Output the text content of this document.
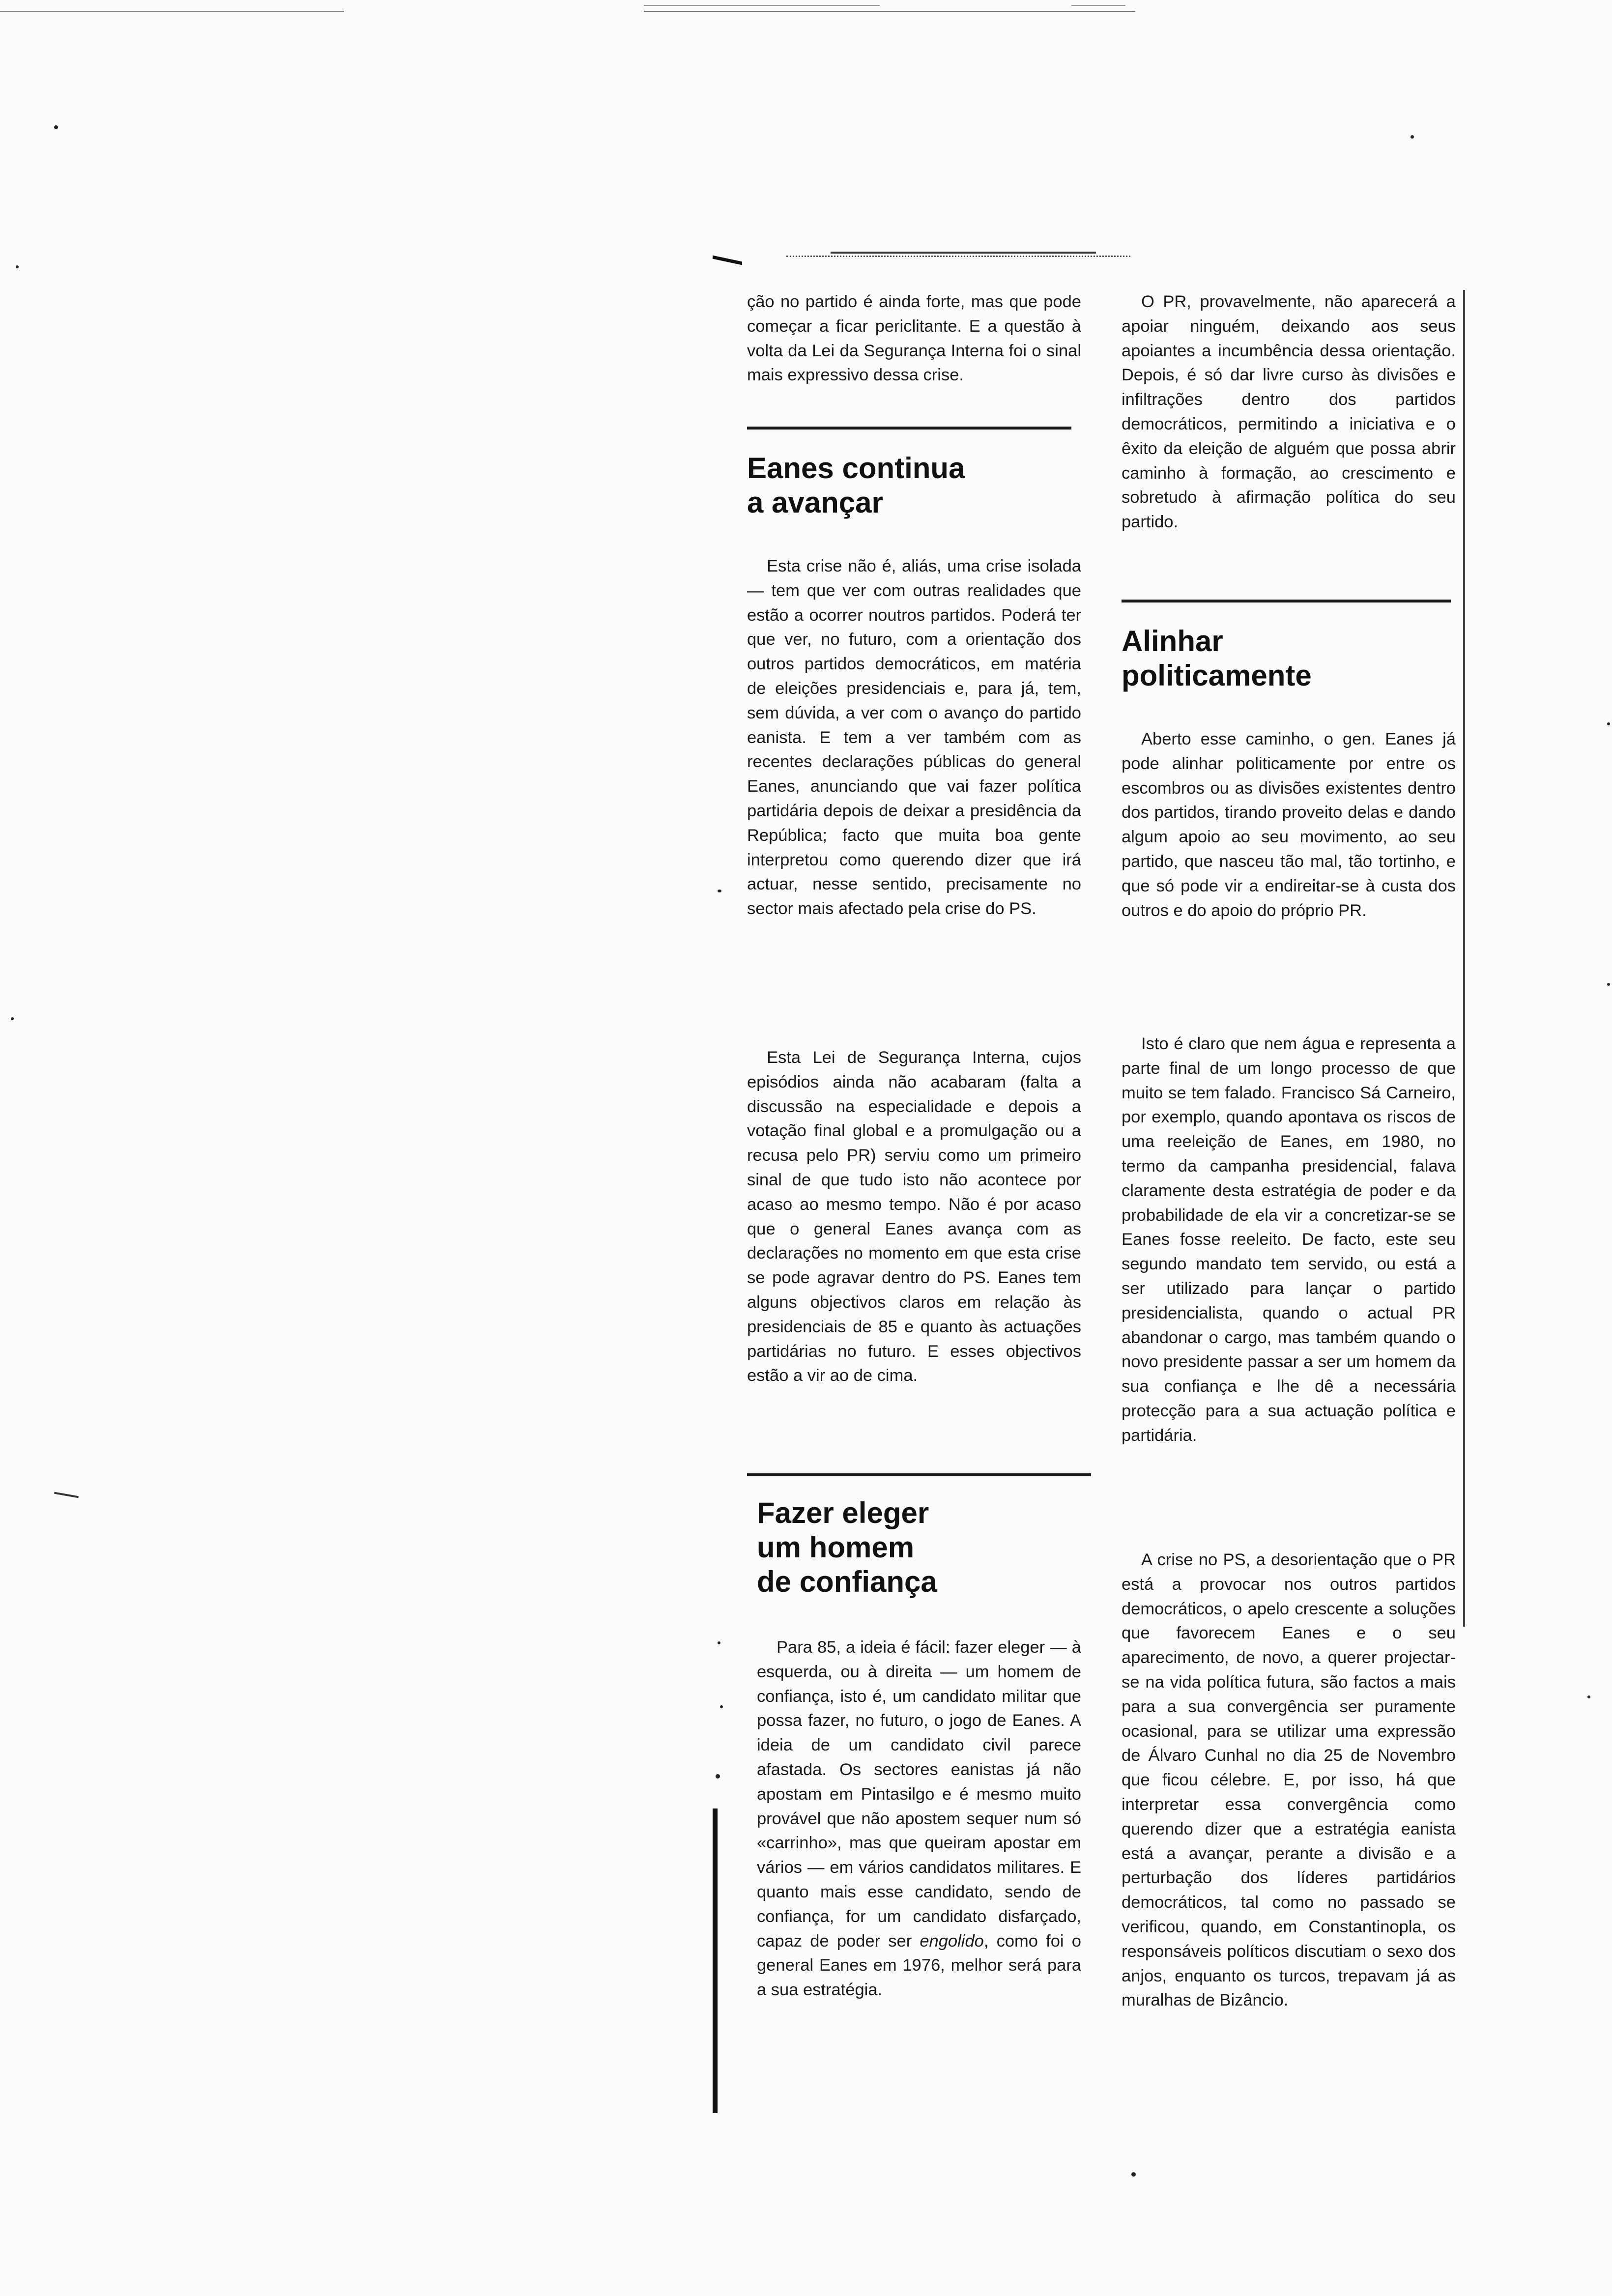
ção no partido é ainda forte, mas que pode começar a ficar periclitante. E a questão à volta da Lei da Segurança Interna foi o sinal mais expressivo dessa crise.

Eanes continua

a avançar

Esta crise não é, aliás, uma crise isolada — tem que ver com outras realidades que estão a ocorrer noutros partidos. Poderá ter que ver, no futuro, com a orientação dos outros partidos democráticos, em matéria de eleições presidenciais e, para já, tem, sem dúvida, a ver com o avanço do partido eanista. E tem a ver também com as recentes declarações públicas do general Eanes, anunciando que vai fazer política partidária depois de deixar a presidência da República; facto que muita boa gente interpretou como querendo dizer que irá actuar, nesse sentido, precisamente no sector mais afectado pela crise do PS.

Esta Lei de Segurança Interna, cujos episódios ainda não acabaram (falta a discussão na especialidade e depois a votação final global e a promulgação ou a recusa pelo PR) serviu como um primeiro sinal de que tudo isto não acontece por acaso ao mesmo tempo. Não é por acaso que o general Eanes avança com as declarações no momento em que esta crise se pode agravar dentro do PS. Eanes tem alguns objectivos claros em relação às presidenciais de 85 e quanto às actuações partidárias no futuro. E esses objectivos estão a vir ao de cima.

Fazer eleger

um homem

de confiança

Para 85, a ideia é fácil: fazer eleger — à esquerda, ou à direita — um homem de confiança, isto é, um candidato militar que possa fazer, no futuro, o jogo de Eanes. A ideia de um candidato civil parece afastada. Os sectores eanistas já não apostam em Pintasilgo e é mesmo muito provável que não apostem sequer num só «carrinho», mas que queiram apostar em vários — em vários candidatos militares. E quanto mais esse candidato, sendo de confiança, for um candidato disfarçado, capaz de poder ser engolido, como foi o general Eanes em 1976, melhor será para a sua estratégia.

O PR, provavelmente, não aparecerá a apoiar ninguém, deixando aos seus apoiantes a incumbência dessa orientação. Depois, é só dar livre curso às divisões e infiltrações dentro dos partidos democráticos, permitindo a iniciativa e o êxito da eleição de alguém que possa abrir caminho à formação, ao crescimento e sobretudo à afirmação política do seu partido.

Alinhar

politicamente

Aberto esse caminho, o gen. Eanes já pode alinhar politicamente por entre os escombros ou as divisões existentes dentro dos partidos, tirando proveito delas e dando algum apoio ao seu movimento, ao seu partido, que nasceu tão mal, tão tortinho, e que só pode vir a endireitar-se à custa dos outros e do apoio do próprio PR.

Isto é claro que nem água e representa a parte final de um longo processo de que muito se tem falado. Francisco Sá Carneiro, por exemplo, quando apontava os riscos de uma reeleição de Eanes, em 1980, no termo da campanha presidencial, falava claramente desta estratégia de poder e da probabilidade de ela vir a concretizar-se se Eanes fosse reeleito. De facto, este seu segundo mandato tem servido, ou está a ser utilizado para lançar o partido presidencialista, quando o actual PR abandonar o cargo, mas também quando o novo presidente passar a ser um homem da sua confiança e lhe dê a necessária protecção para a sua actuação política e partidária.

A crise no PS, a desorientação que o PR está a provocar nos outros partidos democráticos, o apelo crescente a soluções que favorecem Eanes e o seu aparecimento, de novo, a querer projectar-se na vida política futura, são factos a mais para a sua convergência ser puramente ocasional, para se utilizar uma expressão de Álvaro Cunhal no dia 25 de Novembro que ficou célebre. E, por isso, há que interpretar essa convergência como querendo dizer que a estratégia eanista está a avançar, perante a divisão e a perturbação dos líderes partidários democráticos, tal como no passado se verificou, quando, em Constantinopla, os responsáveis políticos discutiam o sexo dos anjos, enquanto os turcos, trepavam já as muralhas de Bizâncio.
